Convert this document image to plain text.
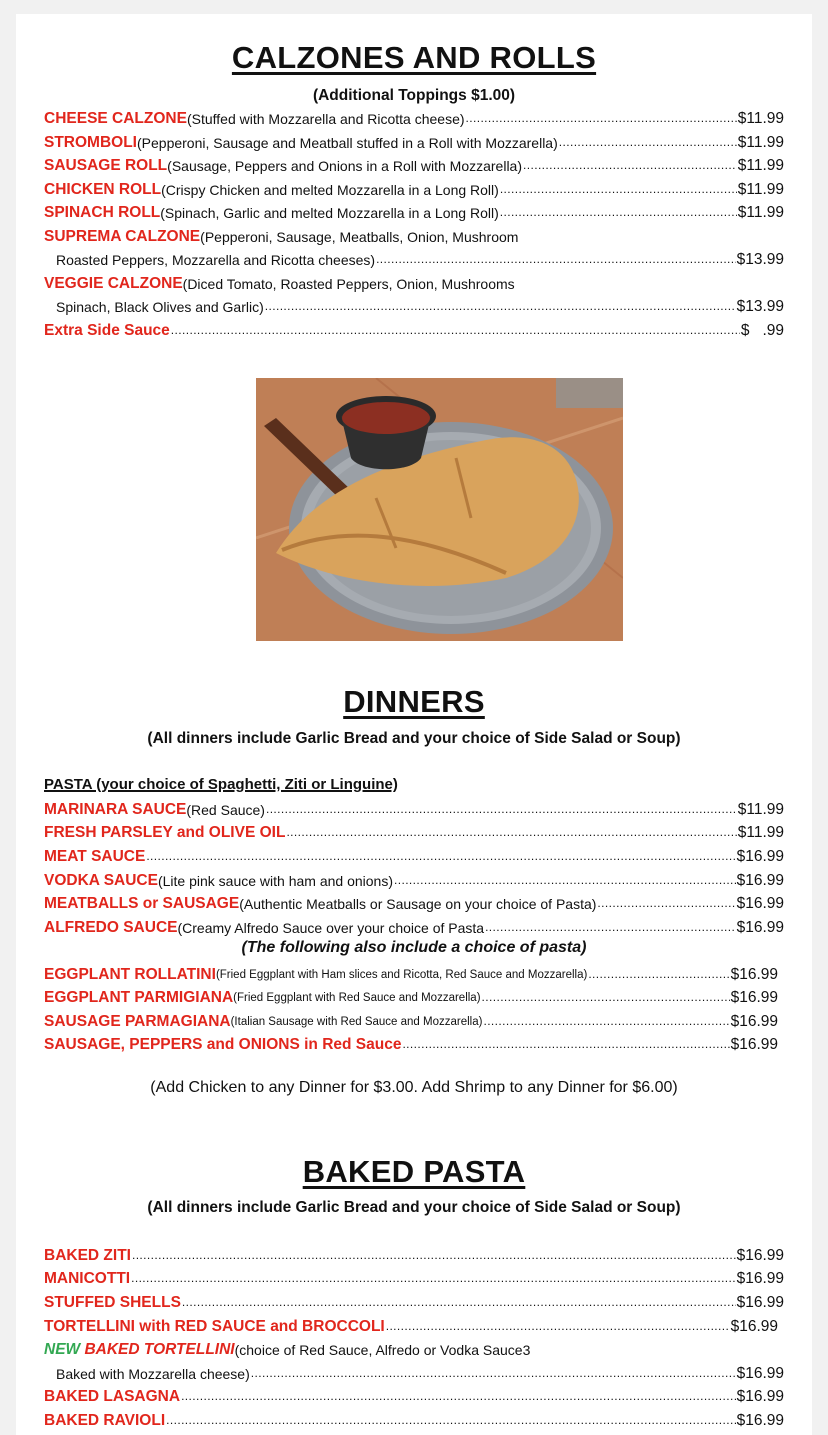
CALZONES AND ROLLS
(Additional Toppings $1.00)
CHEESE CALZONE (Stuffed with Mozzarella and Ricotta cheese) .....	$11.99
STROMBOLI (Pepperoni, Sausage and Meatball stuffed in a Roll with Mozzarella) .....	$11.99
SAUSAGE ROLL (Sausage, Peppers and Onions in a Roll with Mozzarella) .....	$11.99
CHICKEN ROLL (Crispy Chicken and melted Mozzarella in a Long Roll) .....	$11.99
SPINACH ROLL (Spinach, Garlic and melted Mozzarella in a Long Roll) .....	$11.99
SUPREMA CALZONE (Pepperoni, Sausage, Meatballs, Onion, Mushroom
Roasted Peppers, Mozzarella and Ricotta cheeses) .....	$13.99
VEGGIE CALZONE (Diced Tomato, Roasted Peppers, Onion, Mushrooms
Spinach, Black Olives and Garlic) .....	$13.99
Extra Side Sauce .....	$   .99
DINNERS
(All dinners include Garlic Bread and your choice of Side Salad or Soup)
PASTA (your choice of Spaghetti, Ziti or Linguine)
MARINARA SAUCE (Red Sauce) .....	$11.99
FRESH PARSLEY and OLIVE OIL .....	$11.99
MEAT SAUCE .....	$16.99
VODKA SAUCE (Lite pink sauce with ham and onions) .....	$16.99
MEATBALLS or SAUSAGE (Authentic Meatballs or Sausage on your choice of Pasta) .....	$16.99
ALFREDO SAUCE (Creamy Alfredo Sauce over your choice of Pasta .....	$16.99
(The following also include a choice of pasta)
EGGPLANT ROLLATINI (Fried Eggplant with Ham slices and Ricotta, Red Sauce and Mozzarella) .....	$16.99
EGGPLANT PARMIGIANA (Fried Eggplant with Red Sauce and Mozzarella) .....	$16.99
SAUSAGE PARMAGIANA (Italian Sausage with Red Sauce and Mozzarella) .....	$16.99
SAUSAGE, PEPPERS and ONIONS in Red Sauce .....	$16.99
(Add Chicken to any Dinner for $3.00. Add Shrimp to any Dinner for $6.00)
BAKED PASTA
(All dinners include Garlic Bread and your choice of Side Salad or Soup)
BAKED ZITI .....	$16.99
MANICOTTI .....	$16.99
STUFFED SHELLS .....	$16.99
TORTELLINI with RED SAUCE and BROCCOLI .....	$16.99
NEW BAKED TORTELLINI (choice of Red Sauce, Alfredo or Vodka Sauce3
Baked with Mozzarella cheese) .....	$16.99
BAKED LASAGNA .....	$16.99
BAKED RAVIOLI .....	$16.99
